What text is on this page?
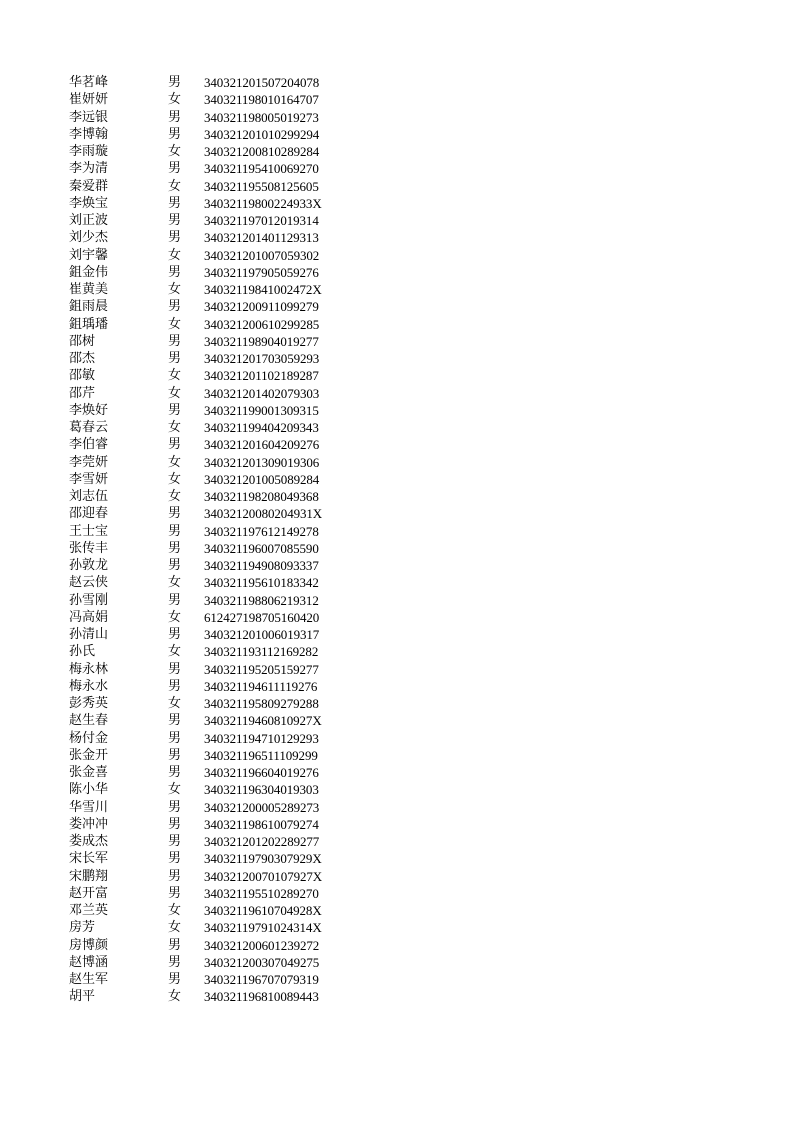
华茗峰	男	340321201507204078
崔妍妍	女	340321198010164707
李远银	男	340321198005019273
李博翰	男	340321201010299294
李雨璇	女	340321200810289284
李为清	男	340321195410069270
秦爱群	女	340321195508125605
李焕宝	男	34032119800224933X
刘正波	男	340321197012019314
刘少杰	男	340321201401129313
刘宇馨	女	340321201007059302
鉏金伟	男	340321197905059276
崔黄美	女	34032119841002472X
鉏雨晨	男	340321200911099279
鉏瑀璠	女	340321200610299285
邵树	男	340321198904019277
邵杰	男	340321201703059293
邵敏	女	340321201102189287
邵芹	女	340321201402079303
李焕好	男	340321199001309315
葛春云	女	340321199404209343
李伯睿	男	340321201604209276
李莞妍	女	340321201309019306
李雪妍	女	340321201005089284
刘志伍	女	340321198208049368
邵迎春	男	34032120080204931X
王士宝	男	340321197612149278
张传丰	男	340321196007085590
孙敦龙	男	340321194908093337
赵云侠	女	340321195610183342
孙雪刚	男	340321198806219312
冯高娟	女	612427198705160420
孙清山	男	340321201006019317
孙氏	女	340321193112169282
梅永林	男	340321195205159277
梅永水	男	340321194611119276
彭秀英	女	340321195809279288
赵生春	男	34032119460810927X
杨付金	男	340321194710129293
张金开	男	340321196511109299
张金喜	男	340321196604019276
陈小华	女	340321196304019303
华雪川	男	340321200005289273
娄冲冲	男	340321198610079274
娄成杰	男	340321201202289277
宋长军	男	34032119790307929X
宋鹏翔	男	34032120070107927X
赵开富	男	340321195510289270
邓兰英	女	34032119610704928X
房芳	女	34032119791024314X
房博颜	男	340321200601239272
赵博涵	男	340321200307049275
赵生军	男	340321196707079319
胡平	女	340321196810089443
